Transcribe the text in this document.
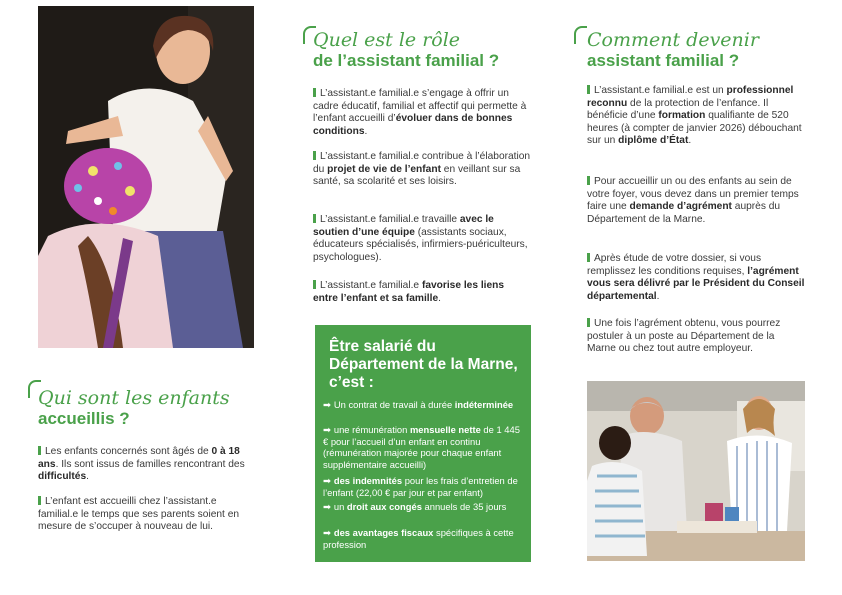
Quel est le rôle
de l’assistant familial ?
L’assistant.e familial.e s’engage à offrir un cadre éducatif, familial et affectif qui permette à l’enfant accueilli d’évoluer dans de bonnes conditions.
L’assistant.e familial.e contribue à l’élaboration du projet de vie de l’enfant en veillant sur sa santé, sa scolarité et ses loisirs.
L’assistant.e familial.e travaille avec le soutien d’une équipe (assistants sociaux, éducateurs spécialisés, infirmiers-puériculteurs, psychologues).
L’assistant.e familial.e favorise les liens entre l’enfant et sa famille.
Être salarié du Département de la Marne, c’est :
➡ Un contrat de travail à durée indéterminée
➡ une rémunération mensuelle nette de 1 445 € pour l’accueil d’un enfant en continu (rémunération majorée pour chaque enfant supplémentaire accueilli)
➡ des indemnités pour les frais d’entretien de l’enfant (22,00 € par jour et par enfant)
➡ un droit aux congés annuels de 35 jours
➡ des avantages fiscaux spécifiques à cette profession
Comment devenir
assistant familial ?
L’assistant.e familial.e est un professionnel reconnu de la protection de l’enfance. Il bénéficie d’une formation qualifiante de 520 heures (à compter de janvier 2026) débouchant sur un diplôme d’État.
Pour accueillir un ou des enfants au sein de votre foyer, vous devez dans un premier temps faire une demande d’agrément auprès du Département de la Marne.
Après étude de votre dossier, si vous remplissez les conditions requises, l’agrément vous sera délivré par le Président du Conseil départemental.
Une fois l’agrément obtenu, vous pourrez postuler à un poste au Département de la Marne ou chez tout autre employeur.
Qui sont les enfants
accueillis ?
Les enfants concernés sont âgés de 0 à 18 ans. Ils sont issus de familles rencontrant des difficultés.
L’enfant est accueilli chez l’assistant.e familial.e le temps que ses parents soient en mesure de s’occuper à nouveau de lui.
